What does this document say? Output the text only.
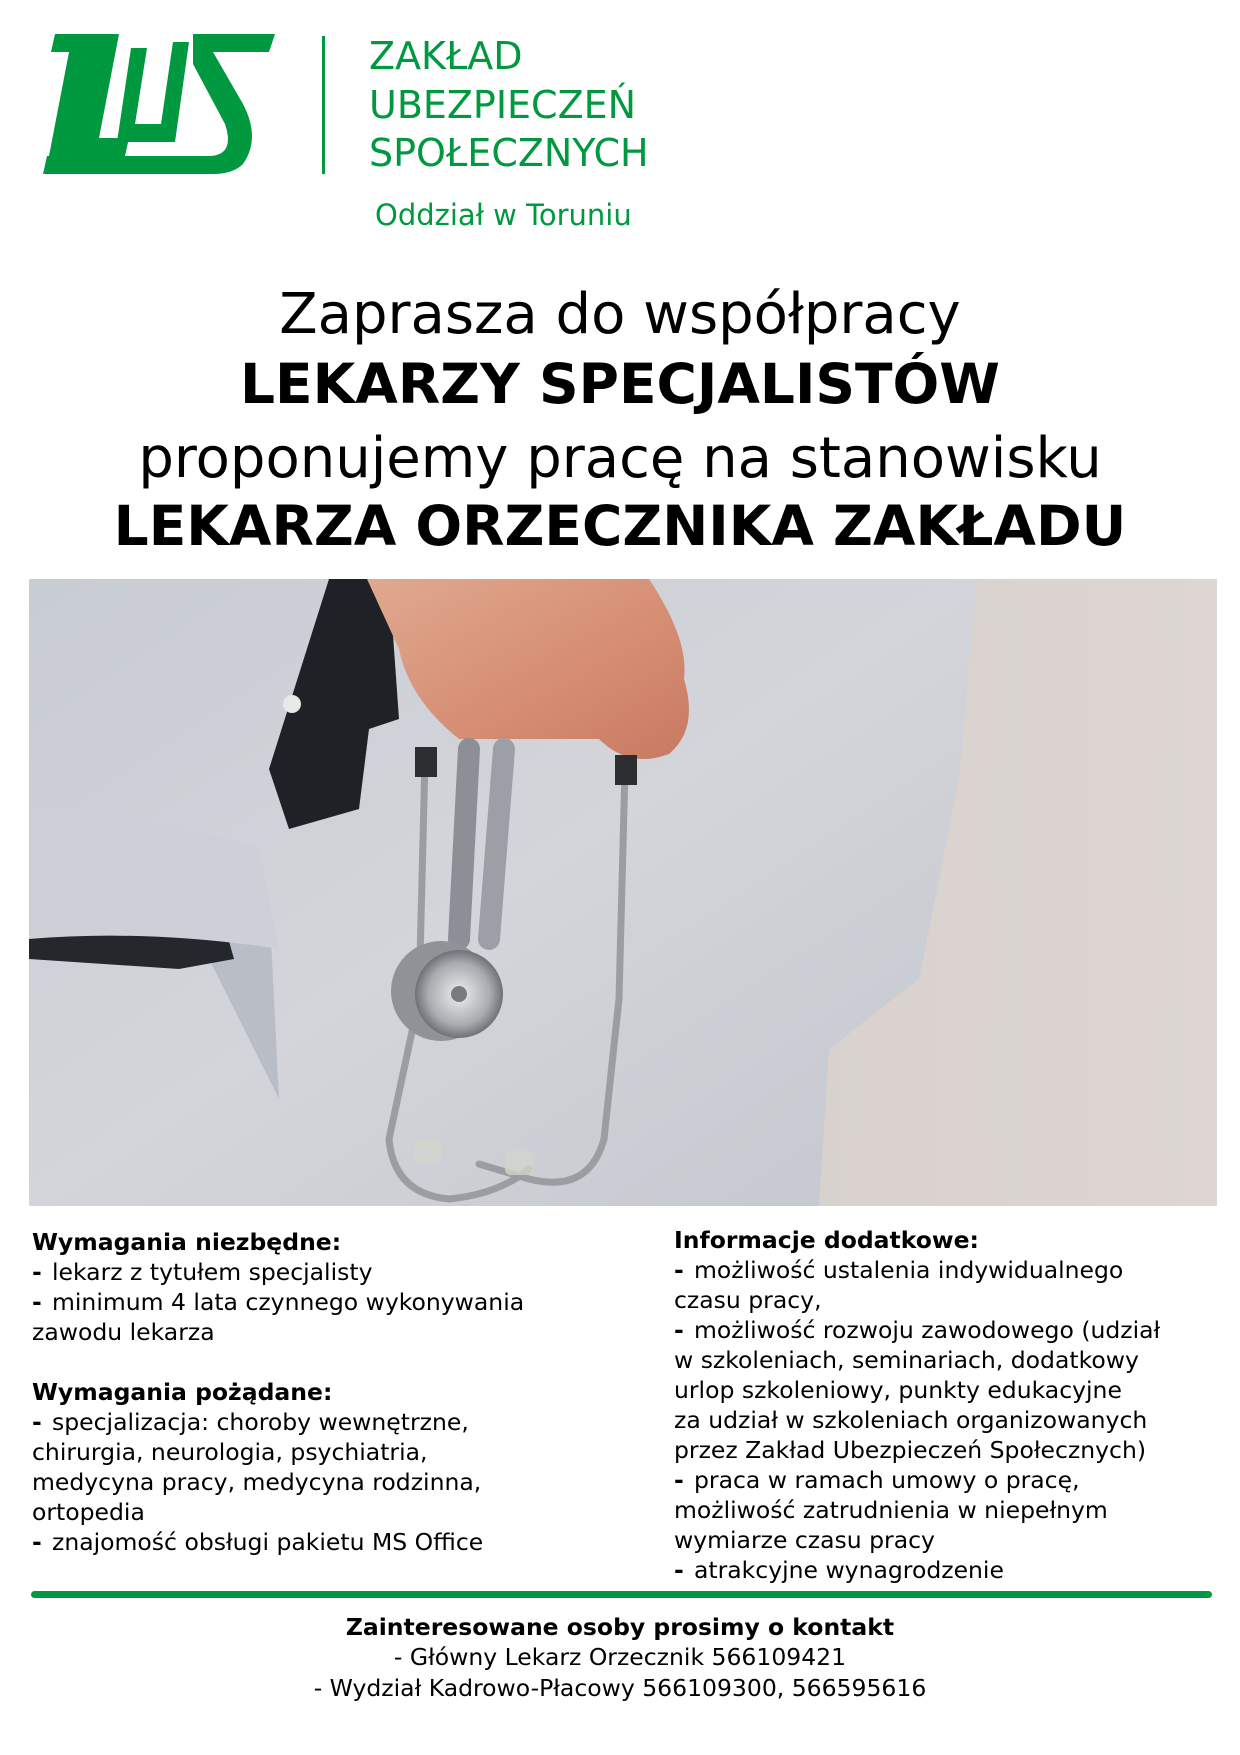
ZAKŁAD
UBEZPIECZEŃ
SPOŁECZNYCH
Oddział w Toruniu
Zaprasza do współpracy
LEKARZY SPECJALISTÓW
proponujemy pracę na stanowisku
LEKARZA ORZECZNIKA ZAKŁADU
Wymagania niezbędne:
- lekarz z tytułem specjalisty
- minimum 4 lata czynnego wykonywania
zawodu lekarza
Wymagania pożądane:
- specjalizacja: choroby wewnętrzne,
chirurgia, neurologia, psychiatria,
medycyna pracy, medycyna rodzinna,
ortopedia
- znajomość obsługi pakietu MS Office
Informacje dodatkowe:
- możliwość ustalenia indywidualnego
czasu pracy,
- możliwość rozwoju zawodowego (udział
w szkoleniach, seminariach, dodatkowy
urlop szkoleniowy, punkty edukacyjne
za udział w szkoleniach organizowanych
przez Zakład Ubezpieczeń Społecznych)
- praca w ramach umowy o pracę,
możliwość zatrudnienia w niepełnym
wymiarze czasu pracy
- atrakcyjne wynagrodzenie
Zainteresowane osoby prosimy o kontakt
- Główny Lekarz Orzecznik 566109421
- Wydział Kadrowo-Płacowy 566109300, 566595616
